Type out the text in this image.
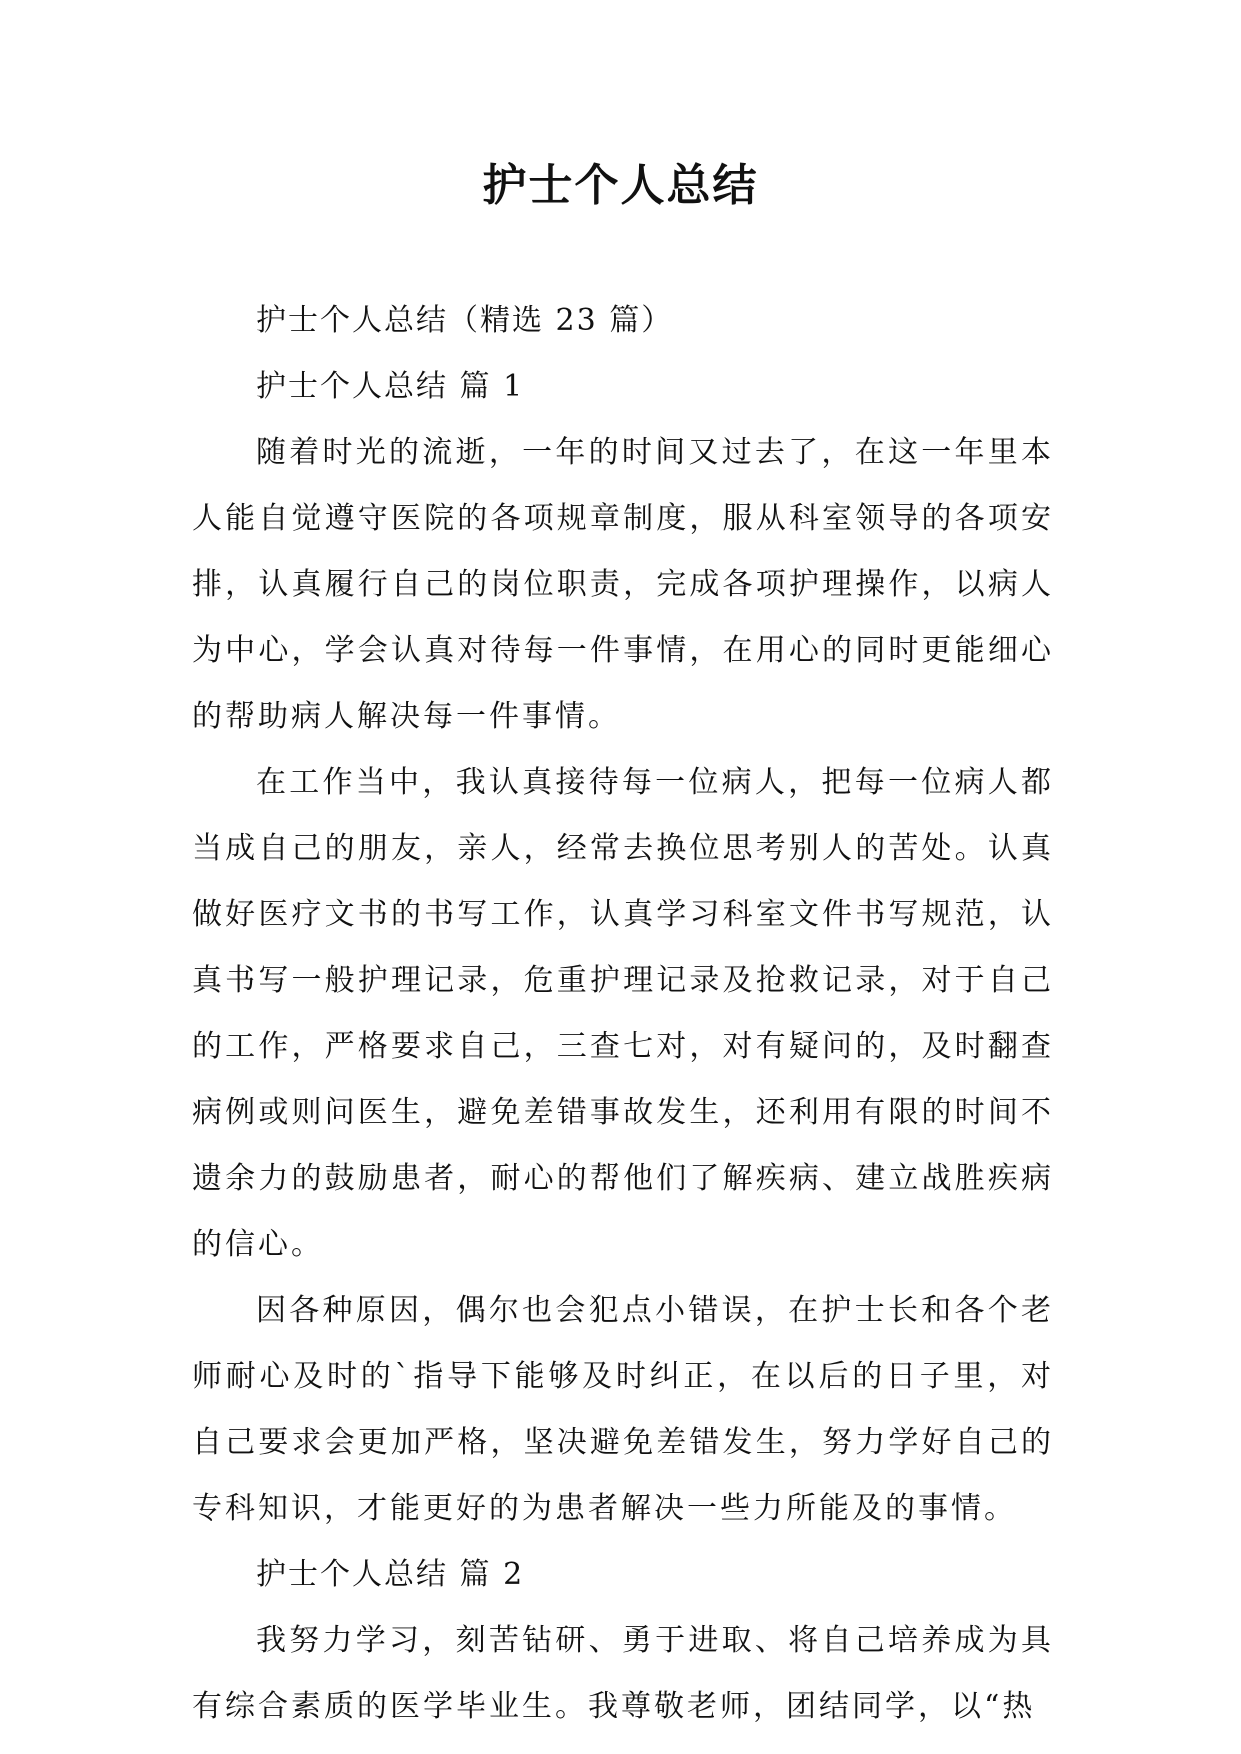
护士个人总结

护士个人总结（精选 23 篇）

护士个人总结 篇 1

随着时光的流逝，一年的时间又过去了，在这一年里本人能自觉遵守医院的各项规章制度，服从科室领导的各项安排，认真履行自己的岗位职责，完成各项护理操作，以病人为中心，学会认真对待每一件事情，在用心的同时更能细心的帮助病人解决每一件事情。

在工作当中，我认真接待每一位病人，把每一位病人都当成自己的朋友，亲人，经常去换位思考别人的苦处。认真做好医疗文书的书写工作，认真学习科室文件书写规范，认真书写一般护理记录，危重护理记录及抢救记录，对于自己的工作，严格要求自己，三查七对，对有疑问的，及时翻查病例或则问医生，避免差错事故发生，还利用有限的时间不遗余力的鼓励患者，耐心的帮他们了解疾病、建立战胜疾病的信心。

因各种原因，偶尔也会犯点小错误，在护士长和各个老师耐心及时的`指导下能够及时纠正，在以后的日子里，对自己要求会更加严格，坚决避免差错发生，努力学好自己的专科知识，才能更好的为患者解决一些力所能及的事情。

护士个人总结 篇 2

我努力学习，刻苦钻研、勇于进取、将自己培养成为具有综合素质的医学毕业生。我尊敬老师，团结同学，以“热
